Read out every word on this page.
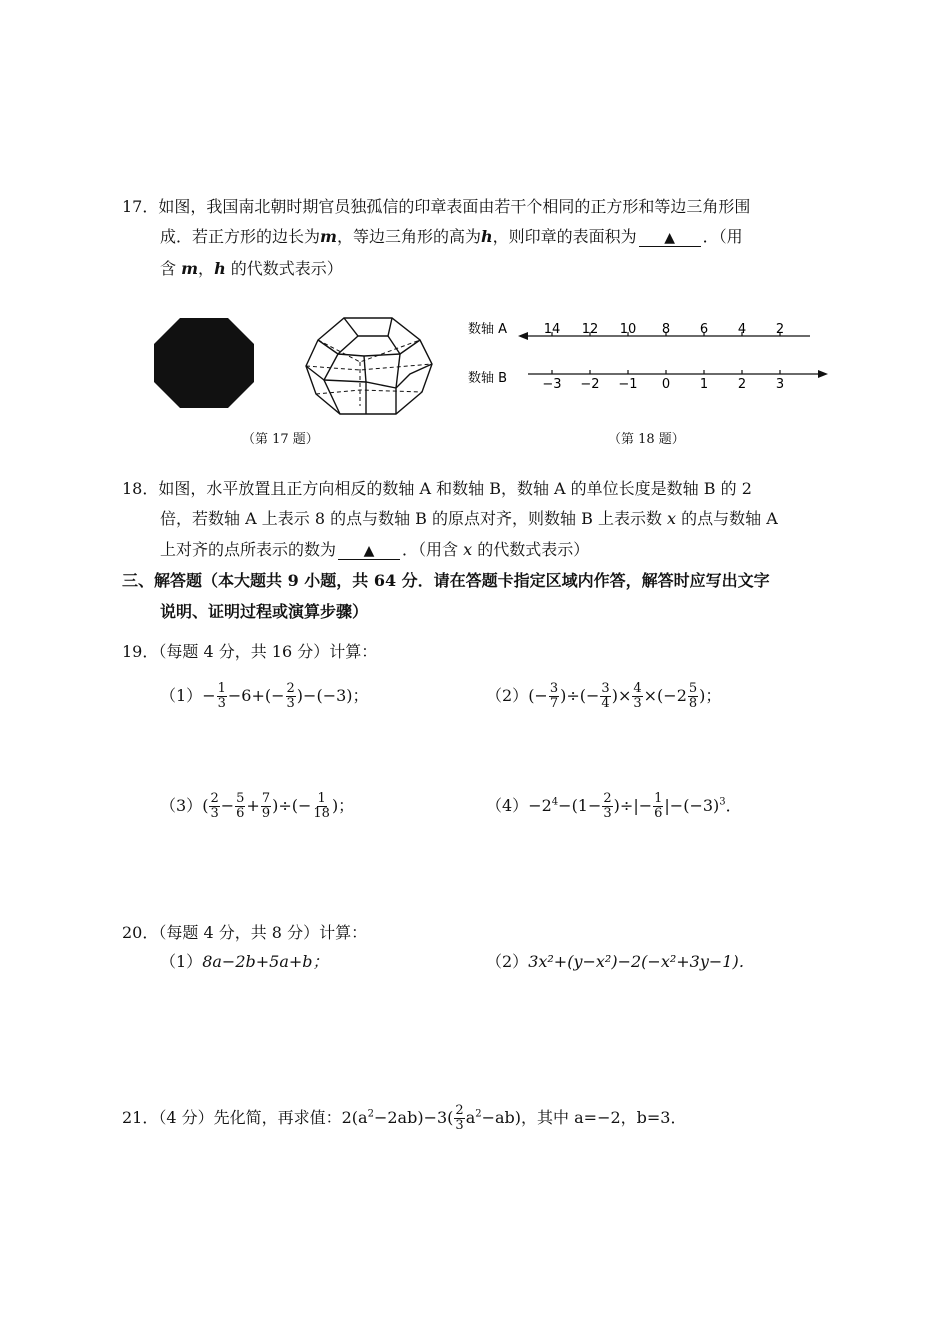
17．如图，我国南北朝时期官员独孤信的印章表面由若干个相同的正方形和等边三角形围
成．若正方形的边长为m，等边三角形的高为h，则印章的表面积为 ▲ ．（用
含 m，h 的代数式表示）
（第 17 题）
数轴 A	14 12 10 8 6 4 2
数轴 B	−3 −2 −1 0 1 2 3
（第 18 题）
18．如图，水平放置且正方向相反的数轴 A 和数轴 B，数轴 A 的单位长度是数轴 B 的 2
倍，若数轴 A 上表示 8 的点与数轴 B 的原点对齐，则数轴 B 上表示数 x 的点与数轴 A
上对齐的点所表示的数为 ▲ ．（用含 x 的代数式表示）
三、解答题（本大题共 9 小题，共 64 分．请在答题卡指定区域内作答，解答时应写出文字
说明、证明过程或演算步骤）
19．（每题 4 分，共 16 分）计算：
$(1)- \frac{1}{3} -6+(- \frac{2}{3} )-(-3)$；	$(2)(- \frac{3}{7}$ )÷(− $\frac{3}{4}$ )× $\frac{4}{3} \times(-2 \frac{5}{8}$ )；
$(3)( \frac{2}{3} - \frac{5}{6} + \frac{7}{9}$ )÷(− $\frac{1}{18}$ )；	$(4)-2^4-(1- \frac{2}{3}$ )÷|− $\frac{1}{6} |-(-3)^3$．
20．（每题 4 分，共 8 分）计算：
（1）8a−2b+5a+b；	（2）3x²+(y−x²)−2(−x²+3y−1)．
21．（4 分）先化简，再求值：$2(a^2-2ab)-3( \frac{2}{3} a^2-ab)$，其中 a=−2，b=3．
